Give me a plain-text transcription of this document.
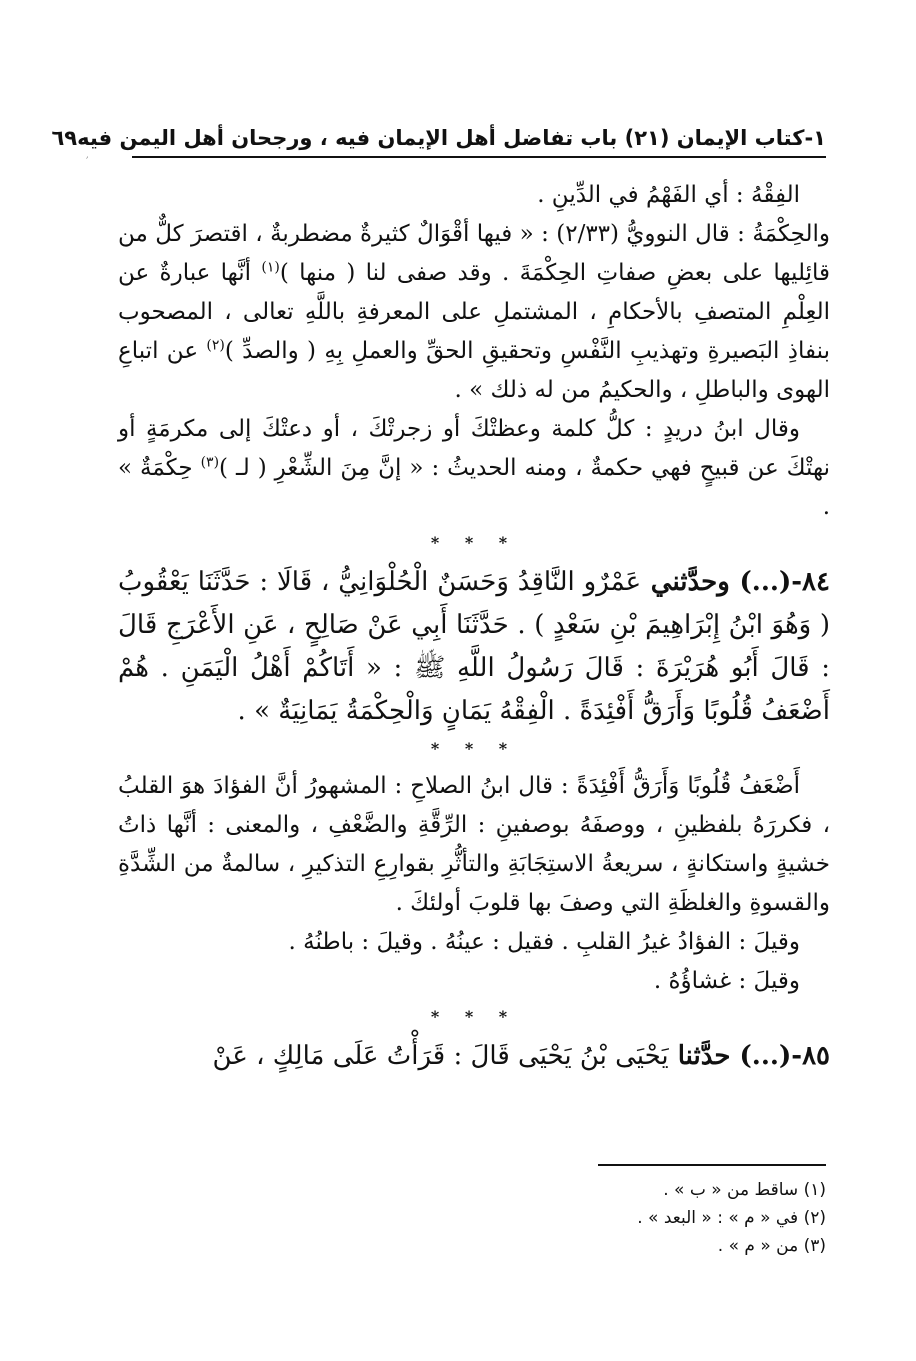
׳
١-كتاب الإيمان (٢١) باب تفاضل أهل الإيمان فيه ، ورجحان أهل اليمن فيه
٦٩

الفِقْهُ : أي الفَهْمُ في الدِّينِ .

والحِكْمَةُ : قال النوويُّ (٢/٣٣) : « فيها أقْوَالٌ كثيرةٌ مضطربةٌ ، اقتصرَ كلٌّ من قائِليها على بعضِ صفاتِ الحِكْمَةَ . وقد صفى لنا ( منها )$^{(١)}$ أنَّها عبارةٌ عن العِلْمِ المتصفِ بالأحكامِ ، المشتملِ على المعرفةِ باللَّهِ تعالى ، المصحوب بنفاذِ البَصيرةِ وتهذيبِ النَّفْسِ وتحقيقِ الحقِّ والعملِ بِهِ ( والصدِّ )$^{(٢)}$ عن اتباعِ الهوى والباطلِ ، والحكيمُ من له ذلك » .

وقال ابنُ دريدٍ : كلُّ كلمة وعظتْكَ أو زجرتْكَ ، أو دعتْكَ إلى مكرمَةٍ أو نهتْكَ عن قبيحٍ فهي حكمةٌ ، ومنه الحديثُ : « إنَّ مِنَ الشِّعْرِ ( لـ )$^{(٣)}$ حِكْمَةٌ » .

* * *

٨٤-(...) وحدَّثني عَمْرٌو النَّاقِدُ وَحَسَنٌ الْحُلْوَانِيُّ ، قَالَا : حَدَّثَنَا يَعْقُوبُ ( وَهُوَ ابْنُ إِبْرَاهِيمَ بْنِ سَعْدٍ ) . حَدَّثَنَا أَبِي عَنْ صَالِحٍ ، عَنِ الأَعْرَجِ قَالَ : قَالَ أَبُو هُرَيْرَةَ : قَالَ رَسُولُ اللَّهِ ﷺ : « أَتَاكُمْ أَهْلُ الْيَمَنِ . هُمْ أَضْعَفُ قُلُوبًا وَأَرَقُّ أَفْئِدَةً . الْفِقْهُ يَمَانٍ وَالْحِكْمَةُ يَمَانِيَةٌ » .

* * *

أَضْعَفُ قُلُوبًا وَأَرَقُّ أَفْئِدَةً : قال ابنُ الصلاحِ : المشهورُ أنَّ الفؤادَ هوَ القلبُ ، فكررَهُ بلفظينِ ، ووصفَهُ بوصفينِ : الرِّقَّةِ والضَّعْفِ ، والمعنى : أنَّها ذاتُ خشيةٍ واستكانةٍ ، سريعةُ الاستِجَابَةِ والتأثُّرِ بقوارِعِ التذكيرِ ، سالمةٌ من الشِّدَّةِ والقسوةِ والغلظَةِ التي وصفَ بها قلوبَ أولئكَ .

وقيلَ : الفؤادُ غيرُ القلبِ . فقيل : عينُهُ . وقيلَ : باطنُهُ .

وقيلَ : غشاؤُهُ .

* * *

٨٥-(...) حدَّثنا يَحْيَى بْنُ يَحْيَى قَالَ : قَرَأْتُ عَلَى مَالِكٍ ، عَنْ

(١) ساقط من « ب » .
(٢) في « م » : « البعد » .
(٣) من « م » .
